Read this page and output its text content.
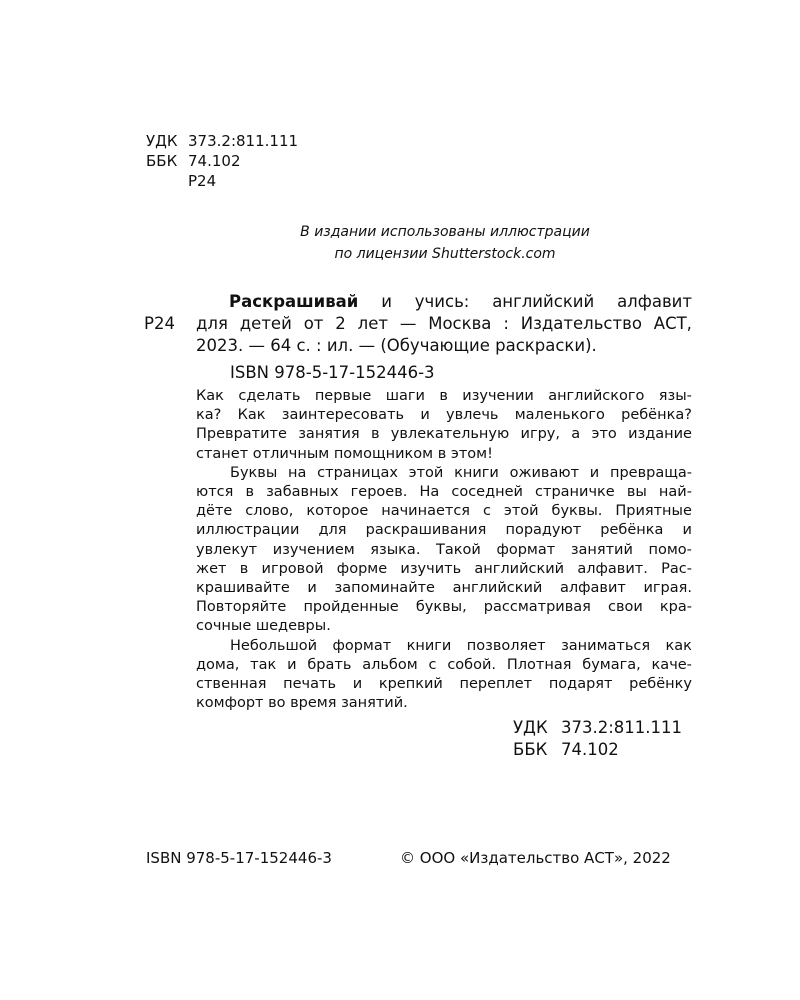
УДК 373.2:811.111
ББК 74.102
Р24
В издании использованы иллюстрации
по лицензии Shutterstock.com
Р24
Раскрашивай и учись: английский алфавит
для детей от 2 лет — Москва : Издательство АСТ,
2023. — 64 с. : ил. — (Обучающие раскраски).
ISBN 978-5-17-152446-3
Как сделать первые шаги в изучении английского язы-
ка? Как заинтересовать и увлечь маленького ребёнка?
Превратите занятия в увлекательную игру, а это издание
станет отличным помощником в этом!
Буквы на страницах этой книги оживают и превраща-
ются в забавных героев. На соседней страничке вы най-
дёте слово, которое начинается с этой буквы. Приятные
иллюстрации для раскрашивания порадуют ребёнка и
увлекут изучением языка. Такой формат занятий помо-
жет в игровой форме изучить английский алфавит. Рас-
крашивайте и запоминайте английский алфавит играя.
Повторяйте пройденные буквы, рассматривая свои кра-
сочные шедевры.
Небольшой формат книги позволяет заниматься как
дома, так и брать альбом с собой. Плотная бумага, каче-
ственная печать и крепкий переплет подарят ребёнку
комфорт во время занятий.
УДК 373.2:811.111
ББК 74.102
ISBN 978-5-17-152446-3	© ООО «Издательство АСТ», 2022
